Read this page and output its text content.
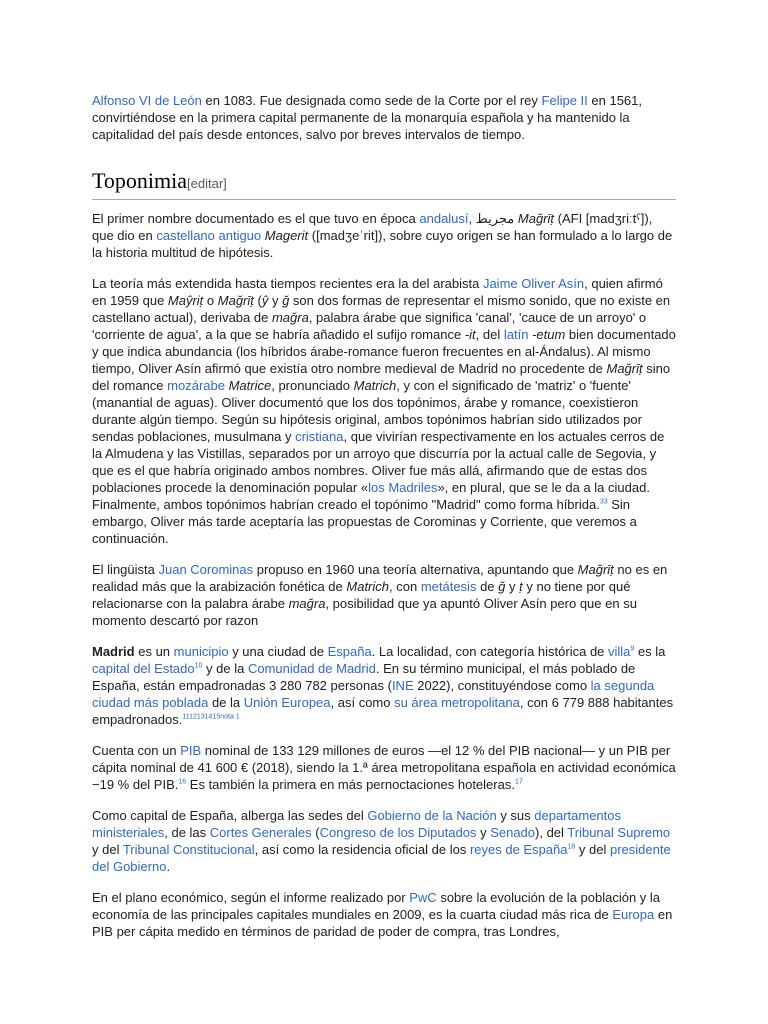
Alfonso VI de León en 1083. Fue designada como sede de la Corte por el rey Felipe II en 1561, convirtiéndose en la primera capital permanente de la monarquía española y ha mantenido la capitalidad del país desde entonces, salvo por breves intervalos de tiempo.

Toponimia[editar]

El primer nombre documentado es el que tuvo en época andalusí, مجريط Mağrīṭ (AFI [madʒriːtˁ]), que dio en castellano antiguo Magerit ([madʒeˈrit]), sobre cuyo origen se han formulado a lo largo de la historia multitud de hipótesis.

La teoría más extendida hasta tiempos recientes era la del arabista Jaime Oliver Asín, quien afirmó en 1959 que Maŷriṭ o Mağrīṭ (ŷ y ğ son dos formas de representar el mismo sonido, que no existe en castellano actual), derivaba de mağra, palabra árabe que significa 'canal', 'cauce de un arroyo' o 'corriente de agua', a la que se habría añadido el sufijo romance -it, del latín -etum bien documentado y que indica abundancia (los híbridos árabe-romance fueron frecuentes en al-Ándalus). Al mismo tiempo, Oliver Asín afirmó que existía otro nombre medieval de Madrid no procedente de Mağrīṭ sino del romance mozárabe Matrice, pronunciado Matrich, y con el significado de 'matriz' o 'fuente' (manantial de aguas). Oliver documentó que los dos topónimos, árabe y romance, coexistieron durante algún tiempo. Según su hipótesis original, ambos topónimos habrían sido utilizados por sendas poblaciones, musulmana y cristiana, que vivirían respectivamente en los actuales cerros de la Almudena y las Vistillas, separados por un arroyo que discurría por la actual calle de Segovia, y que es el que habría originado ambos nombres. Oliver fue más allá, afirmando que de estas dos poblaciones procede la denominación popular «los Madriles», en plural, que se le da a la ciudad. Finalmente, ambos topónimos habrían creado el topónimo "Madrid" como forma híbrida.$^{33}$ Sin embargo, Oliver más tarde aceptaría las propuestas de Corominas y Corriente, que veremos a continuación.

El lingüista Juan Corominas propuso en 1960 una teoría alternativa, apuntando que Mağrīṭ no es en realidad más que la arabización fonética de Matrich, con metátesis de ğ y ṭ y no tiene por qué relacionarse con la palabra árabe mağra, posibilidad que ya apuntó Oliver Asín pero que en su momento descartó por razon

Madrid es un municipio y una ciudad de España. La localidad, con categoría histórica de villa$^9$ es la capital del Estado$^{10}$ y de la Comunidad de Madrid. En su término municipal, el más poblado de España, están empadronadas 3 280 782 personas (INE 2022), constituyéndose como la segunda ciudad más poblada de la Unión Europea, así como su área metropolitana, con 6 779 888 habitantes empadronados.$^{1112131415nota 1}$

Cuenta con un PIB nominal de 133 129 millones de euros —el 12 % del PIB nacional— y un PIB per cápita nominal de 41 600 € (2018), siendo la 1.ª área metropolitana española en actividad económica −19 % del PIB.$^{16}$ Es también la primera en más pernoctaciones hoteleras.$^{17}$

Como capital de España, alberga las sedes del Gobierno de la Nación y sus departamentos ministeriales, de las Cortes Generales (Congreso de los Diputados y Senado), del Tribunal Supremo y del Tribunal Constitucional, así como la residencia oficial de los reyes de España$^{18}$ y del presidente del Gobierno.

En el plano económico, según el informe realizado por PwC sobre la evolución de la población y la economía de las principales capitales mundiales en 2009, es la cuarta ciudad más rica de Europa en PIB per cápita medido en términos de paridad de poder de compra, tras Londres,
